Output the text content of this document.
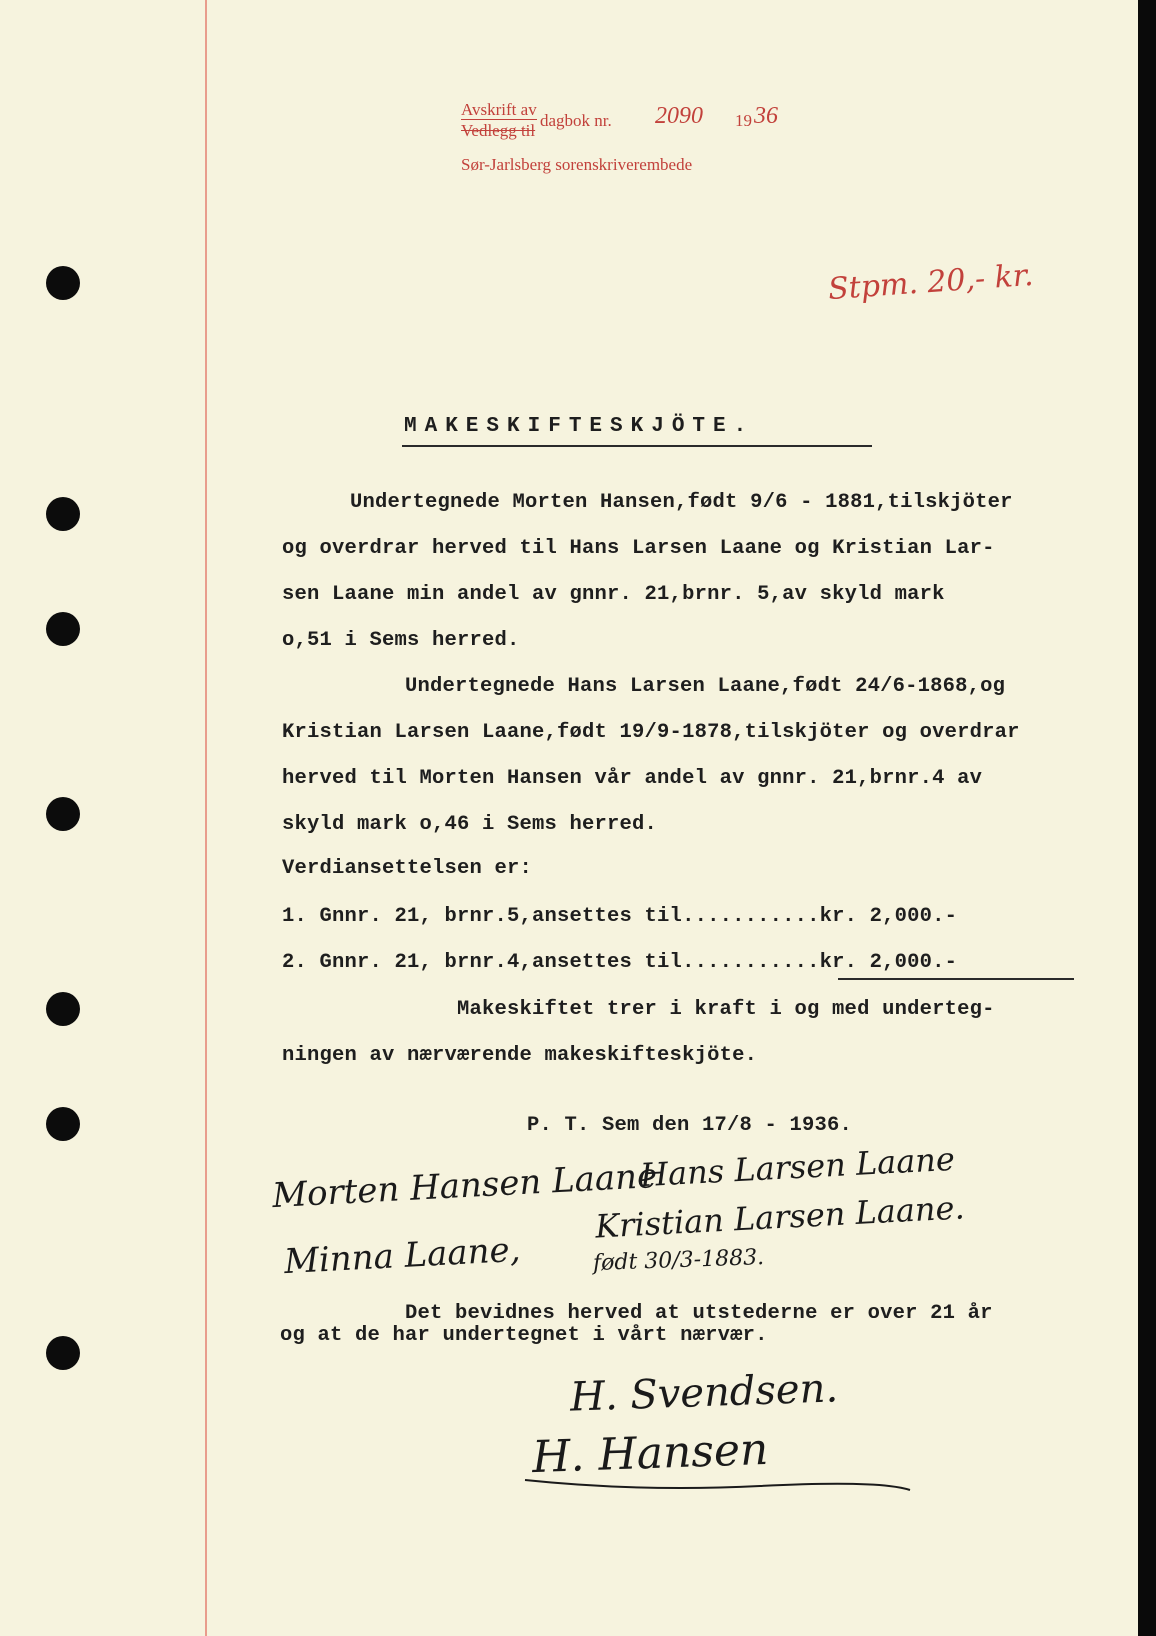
Avskrift av
Vedlegg til
dagbok nr. 2090 19 36
Sør-Jarlsberg sorenskriverembede
Stpm. 20,- kr.
MAKESKIFTESKJÖTE.
Undertegnede Morten Hansen,født 9/6 - 1881,tilskjöter
og overdrar herved til Hans Larsen Laane og Kristian Lar-
sen Laane min andel av gnnr. 21,brnr. 5,av skyld mark
o,51 i Sems herred.
Undertegnede Hans Larsen Laane,født 24/6-1868,og
Kristian Larsen Laane,født 19/9-1878,tilskjöter og overdrar
herved til Morten Hansen vår andel av gnnr. 21,brnr.4 av
skyld mark o,46 i Sems herred.
Verdiansettelsen er:
1. Gnnr. 21, brnr.5,ansettes til...........kr. 2,000.-
2. Gnnr. 21, brnr.4,ansettes til...........kr. 2,000.-
Makeskiftet trer i kraft i og med underteg-
ningen av nærværende makeskifteskjöte.
P. T. Sem den 17/8 - 1936.
Morten Hansen Laane
Hans Larsen Laane
Kristian Larsen Laane.
Minna Laane,	født 30/3-1883.
Det bevidnes herved at utstederne er over 21 år
og at de har undertegnet i vårt nærvær.
H. Svendsen.
H. Hansen
